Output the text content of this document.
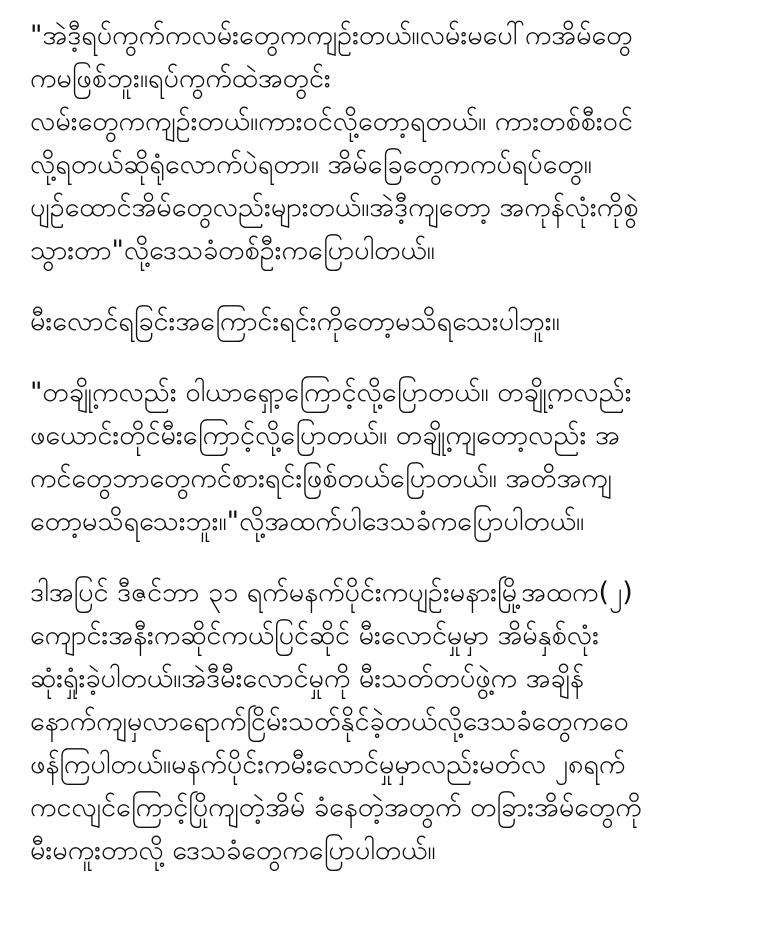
"အဲဒီ့ရပ်ကွက်ကလမ်းတွေကကျဉ်းတယ်။လမ်းမပေါ်ကအိမ်တွေ
ကမဖြစ်ဘူး။ရပ်ကွက်ထဲအတွင်း
လမ်းတွေကကျဉ်းတယ်။ကားဝင်လို့တော့ရတယ်။ ကားတစ်စီးဝင်
လို့ရတယ်ဆိုရုံလောက်ပဲရတာ။ အိမ်ခြေတွေကကပ်ရပ်တွေ။
ပျဉ်ထောင်အိမ်တွေလည်းများတယ်။အဲဒီ့ကျတော့ အကုန်လုံးကိုစွဲ
သွားတာ"လို့ဒေသခံတစ်ဦးကပြောပါတယ်။

မီးလောင်ရခြင်းအကြောင်းရင်းကိုတော့မသိရသေးပါဘူး။

"တချို့ကလည်း ဝါယာရှော့ကြောင့်လို့ပြောတယ်။ တချို့ကလည်း
ဖယောင်းတိုင်မီးကြောင့်လို့ပြောတယ်။ တချို့ကျတော့လည်း အ
ကင်တွေဘာတွေကင်စားရင်းဖြစ်တယ်ပြောတယ်။ အတိအကျ
တော့မသိရသေးဘူး။"လို့အထက်ပါဒေသခံကပြောပါတယ်။

ဒါအပြင် ဒီဇင်ဘာ ၃၁ ရက်မနက်ပိုင်းကပျဉ်းမနားမြို့အထက(၂)
ကျောင်းအနီးကဆိုင်ကယ်ပြင်ဆိုင် မီးလောင်မှုမှာ အိမ်နှစ်လုံး
ဆုံးရှုံးခဲ့ပါတယ်။အဲဒီမီးလောင်မှုကို မီးသတ်တပ်ဖွဲ့က အချိန်
နောက်ကျမှလာရောက်ငြိမ်းသတ်နိုင်ခဲ့တယ်လို့ဒေသခံတွေကဝေ
ဖန်ကြပါတယ်။မနက်ပိုင်းကမီးလောင်မှုမှာလည်းမတ်လ ၂၈ရက်
ကငလျင်ကြောင့်ပြိုကျတဲ့အိမ် ခံနေတဲ့အတွက် တခြားအိမ်တွေကို
မီးမကူးတာလို့ ဒေသခံတွေကပြောပါတယ်။
